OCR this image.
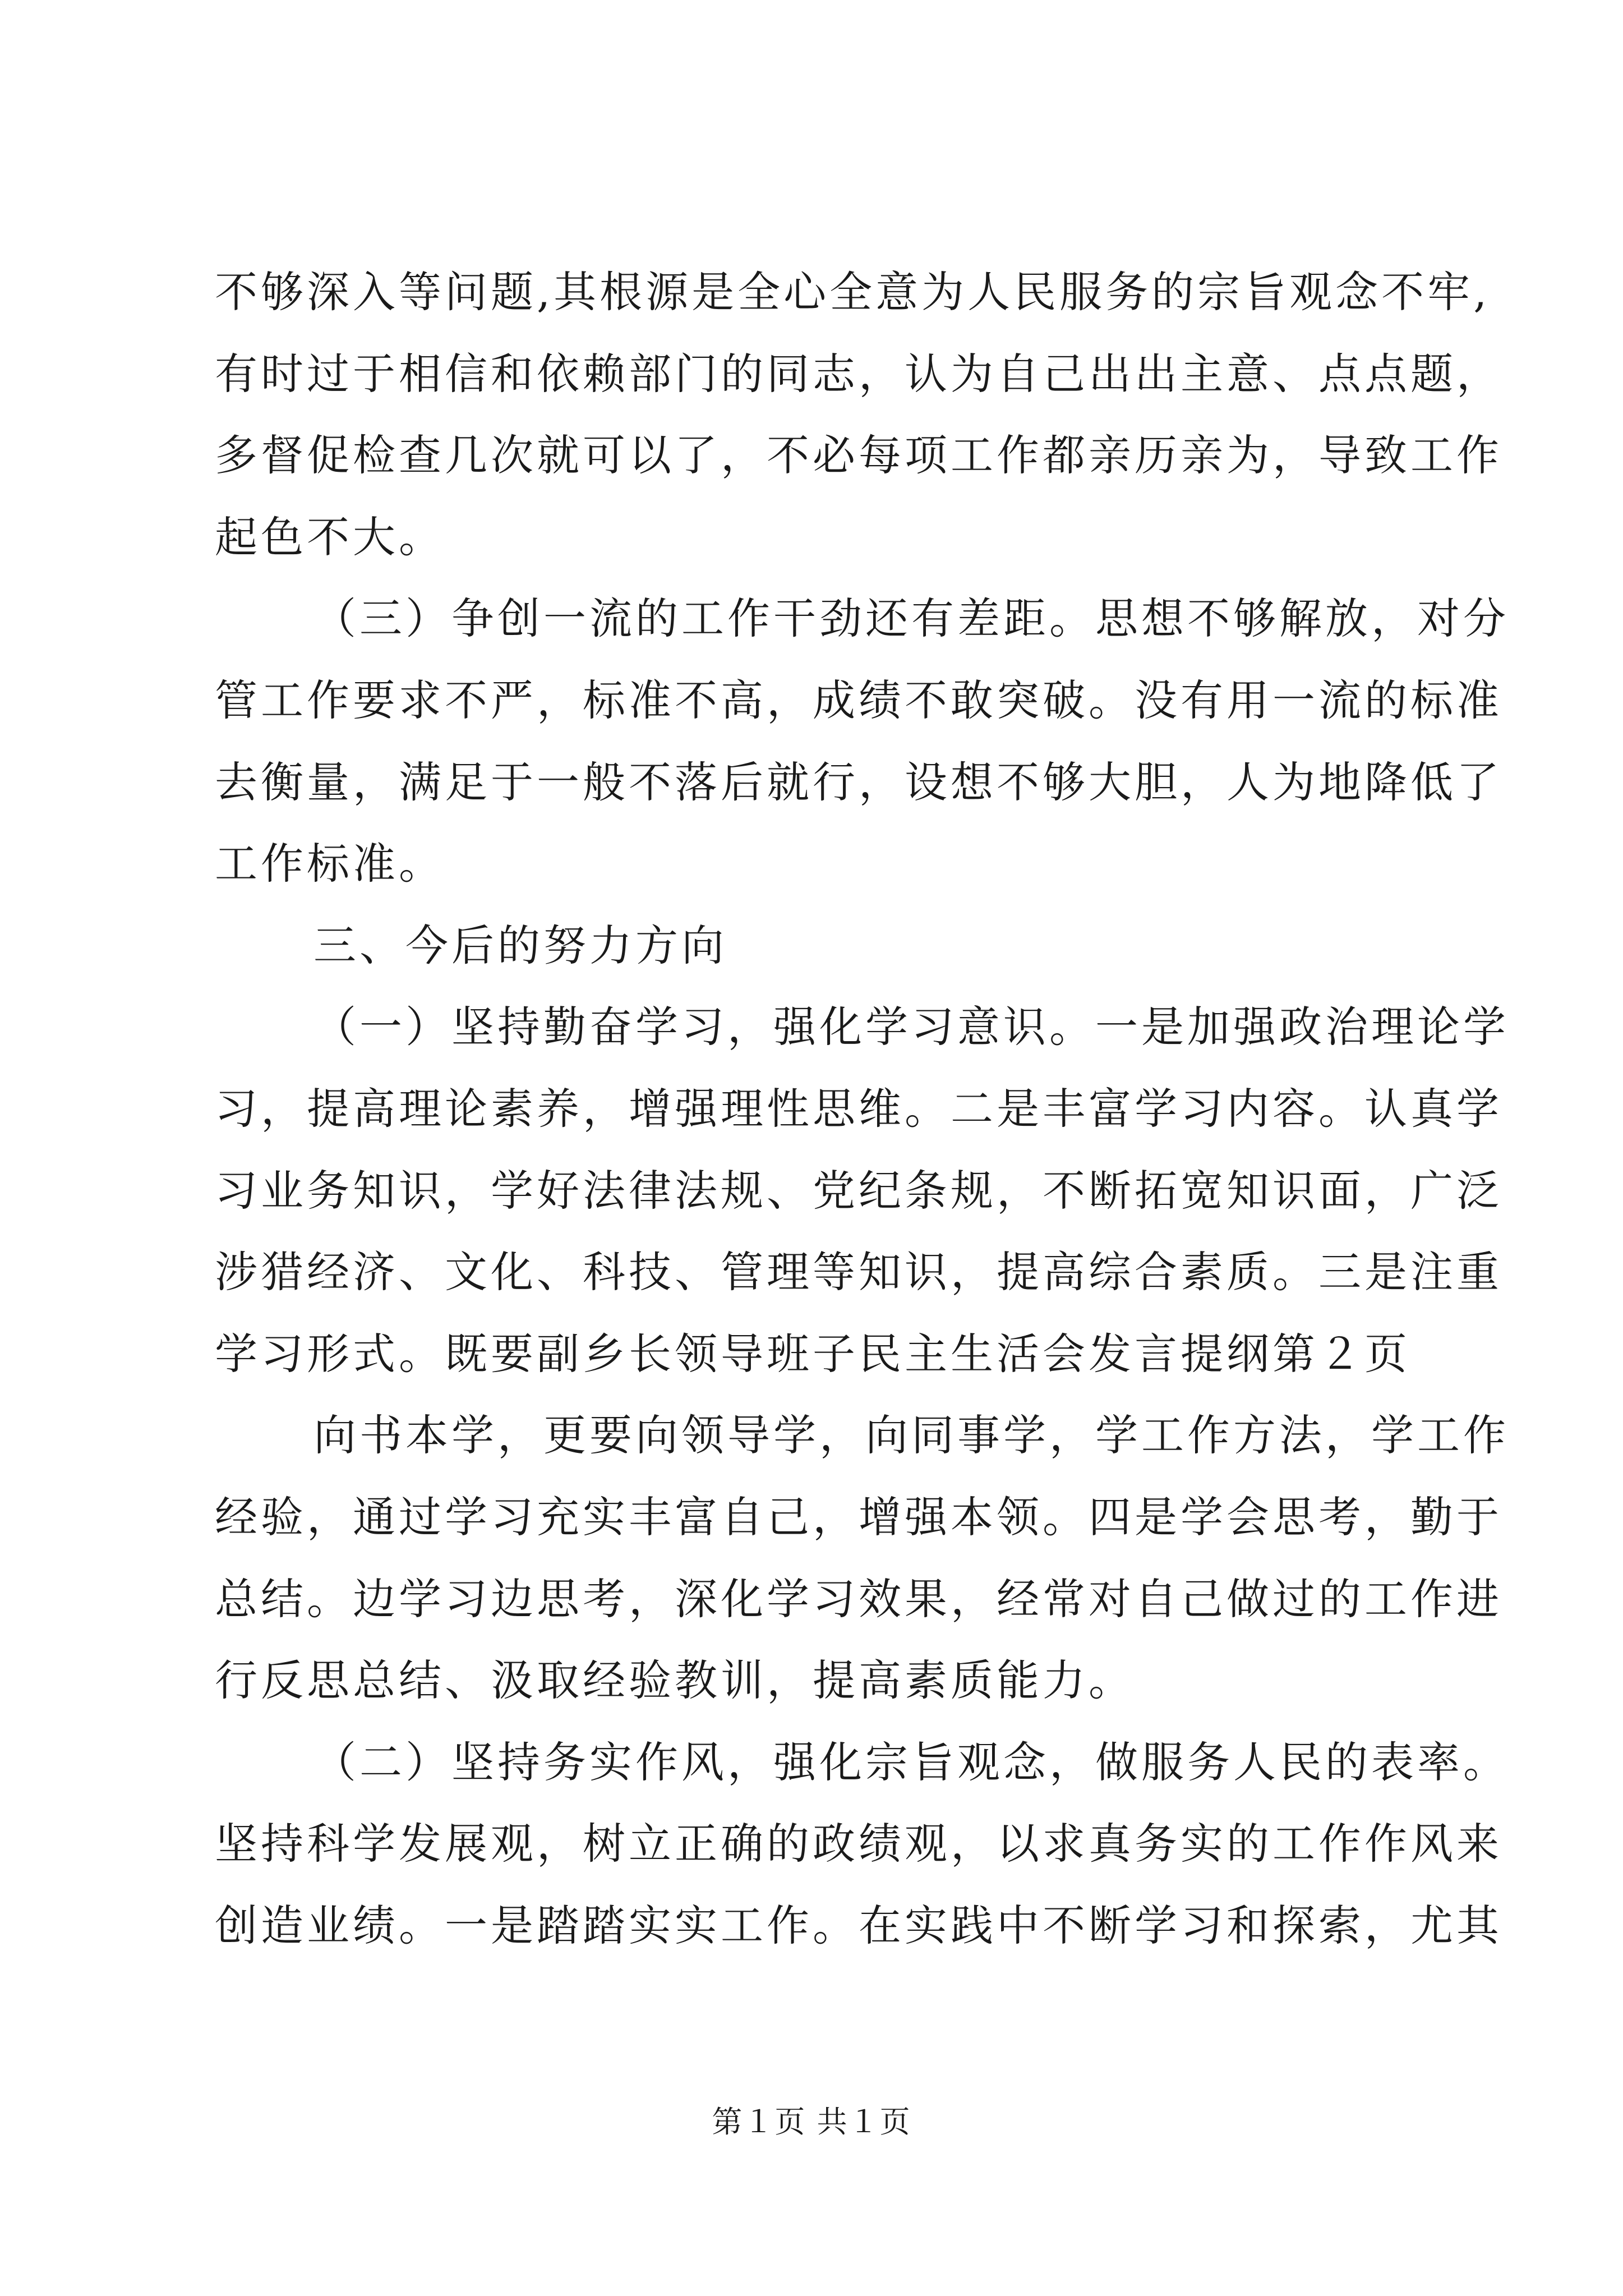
不够深入等问题,其根源是全心全意为人民服务的宗旨观念不牢,
有时过于相信和依赖部门的同志，认为自己出出主意、点点题，
多督促检查几次就可以了，不必每项工作都亲历亲为，导致工作
起色不大。
（三）争创一流的工作干劲还有差距。思想不够解放，对分
管工作要求不严，标准不高，成绩不敢突破。没有用一流的标准
去衡量，满足于一般不落后就行，设想不够大胆，人为地降低了
工作标准。
三、今后的努力方向
（一）坚持勤奋学习，强化学习意识。一是加强政治理论学
习，提高理论素养，增强理性思维。二是丰富学习内容。认真学
习业务知识，学好法律法规、党纪条规，不断拓宽知识面，广泛
涉猎经济、文化、科技、管理等知识，提高综合素质。三是注重
学习形式。既要副乡长领导班子民主生活会发言提纲第２页
向书本学，更要向领导学，向同事学，学工作方法，学工作
经验，通过学习充实丰富自己，增强本领。四是学会思考，勤于
总结。边学习边思考，深化学习效果，经常对自己做过的工作进
行反思总结、汲取经验教训，提高素质能力。
（二）坚持务实作风，强化宗旨观念，做服务人民的表率。
坚持科学发展观，树立正确的政绩观，以求真务实的工作作风来
创造业绩。一是踏踏实实工作。在实践中不断学习和探索，尤其
第１页 共１页
